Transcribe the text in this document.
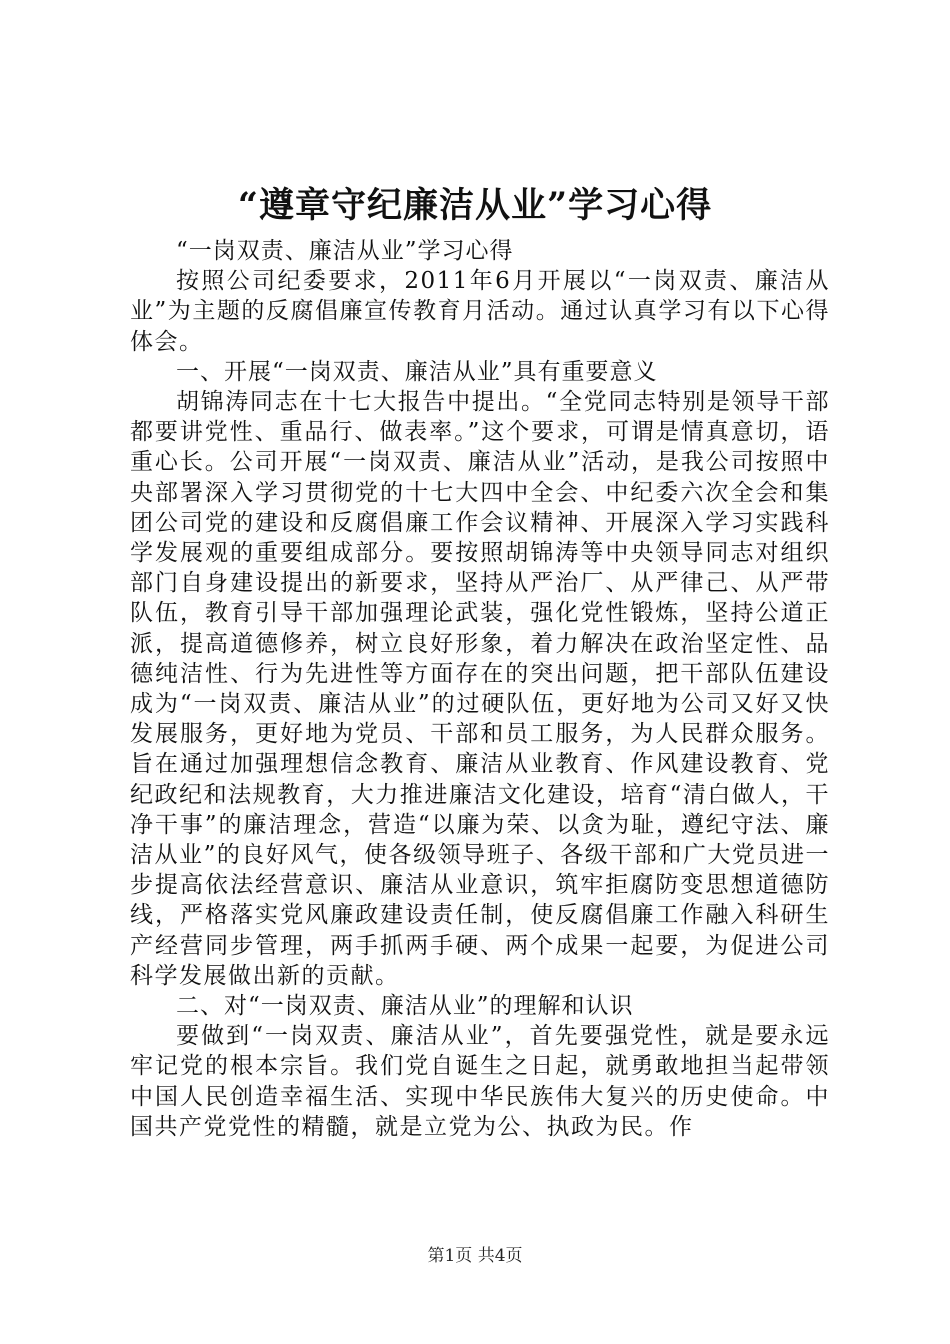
“遵章守纪廉洁从业”学习心得

“一岗双责、廉洁从业”学习心得

按照公司纪委要求，2011年6月开展以“一岗双责、廉洁从业”为主题的反腐倡廉宣传教育月活动。通过认真学习有以下心得体会。

一、开展“一岗双责、廉洁从业”具有重要意义

胡锦涛同志在十七大报告中提出。“全党同志特别是领导干部都要讲党性、重品行、做表率。”这个要求，可谓是情真意切，语重心长。公司开展“一岗双责、廉洁从业”活动，是我公司按照中央部署深入学习贯彻党的十七大四中全会、中纪委六次全会和集团公司党的建设和反腐倡廉工作会议精神、开展深入学习实践科学发展观的重要组成部分。要按照胡锦涛等中央领导同志对组织部门自身建设提出的新要求，坚持从严治厂、从严律己、从严带队伍，教育引导干部加强理论武装，强化党性锻炼，坚持公道正派，提高道德修养，树立良好形象，着力解决在政治坚定性、品德纯洁性、行为先进性等方面存在的突出问题，把干部队伍建设成为“一岗双责、廉洁从业”的过硬队伍，更好地为公司又好又快发展服务，更好地为党员、干部和员工服务，为人民群众服务。旨在通过加强理想信念教育、廉洁从业教育、作风建设教育、党纪政纪和法规教育，大力推进廉洁文化建设，培育“清白做人，干净干事”的廉洁理念，营造“以廉为荣、以贪为耻，遵纪守法、廉洁从业”的良好风气，使各级领导班子、各级干部和广大党员进一步提高依法经营意识、廉洁从业意识，筑牢拒腐防变思想道德防线，严格落实党风廉政建设责任制，使反腐倡廉工作融入科研生产经营同步管理，两手抓两手硬、两个成果一起要，为促进公司科学发展做出新的贡献。

二、对“一岗双责、廉洁从业”的理解和认识

要做到“一岗双责、廉洁从业”，首先要强党性，就是要永远牢记党的根本宗旨。我们党自诞生之日起，就勇敢地担当起带领中国人民创造幸福生活、实现中华民族伟大复兴的历史使命。中国共产党党性的精髓，就是立党为公、执政为民。作

第1页 共4页
